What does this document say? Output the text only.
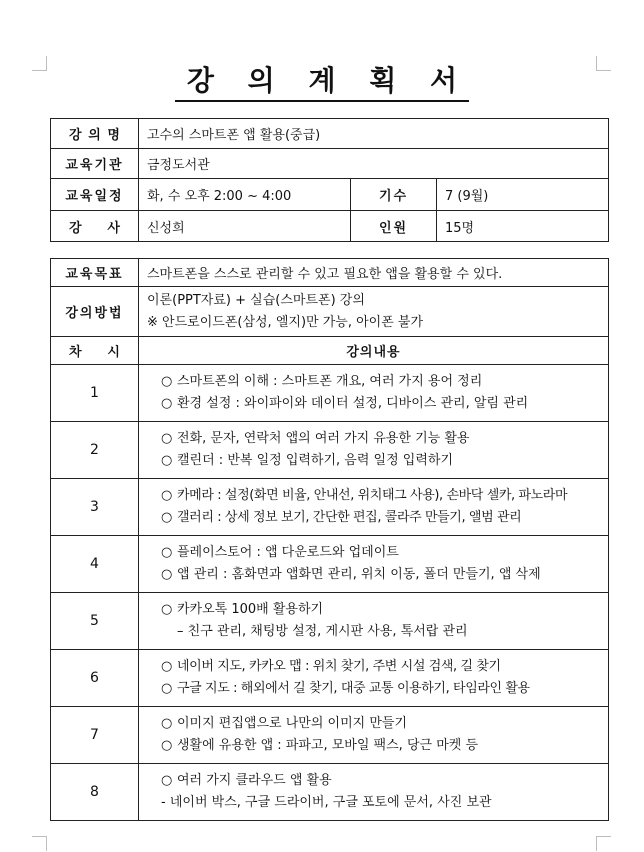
강 의 계 획 서
강 의 명	고수의 스마트폰 앱 활용(중급)		
교육기관	금정도서관		
교육일정	화, 수 오후 2:00 ~ 4:00	기수	7 (9월)
강 사	신성희	인원	15명
교육목표	스마트폰을 스스로 관리할 수 있고 필요한 앱을 활용할 수 있다.
강의방법	이론(PPT자료) + 실습(스마트폰) 강의
※ 안드로이드폰(삼성, 엘지)만 가능, 아이폰 불가

차 시	강의내용
1	○ 스마트폰의 이해 : 스마트폰 개요, 여러 가지 용어 정리
○ 환경 설정 : 와이파이와 데이터 설정, 디바이스 관리, 알림 관리

2	○ 전화, 문자, 연락처 앱의 여러 가지 유용한 기능 활용
○ 캘린더 : 반복 일정 입력하기, 음력 일정 입력하기

3	○ 카메라 : 설정(화면 비율, 안내선, 위치태그 사용), 손바닥 셀카, 파노라마
○ 갤러리 : 상세 정보 보기, 간단한 편집, 콜라주 만들기, 앨범 관리

4	○ 플레이스토어 : 앱 다운로드와 업데이트
○ 앱 관리 : 홈화면과 앱화면 관리, 위치 이동, 폴더 만들기, 앱 삭제

5	○ 카카오톡 100배 활용하기
– 친구 관리, 채팅방 설정, 게시판 사용, 톡서랍 관리

6	○ 네이버 지도, 카카오 맵 : 위치 찾기, 주변 시설 검색, 길 찾기
○ 구글 지도 : 해외에서 길 찾기, 대중 교통 이용하기, 타임라인 활용

7	○ 이미지 편집앱으로 나만의 이미지 만들기
○ 생활에 유용한 앱 : 파파고, 모바일 팩스, 당근 마켓 등

8	○ 여러 가지 클라우드 앱 활용
- 네이버 박스, 구글 드라이버, 구글 포토에 문서, 사진 보관
